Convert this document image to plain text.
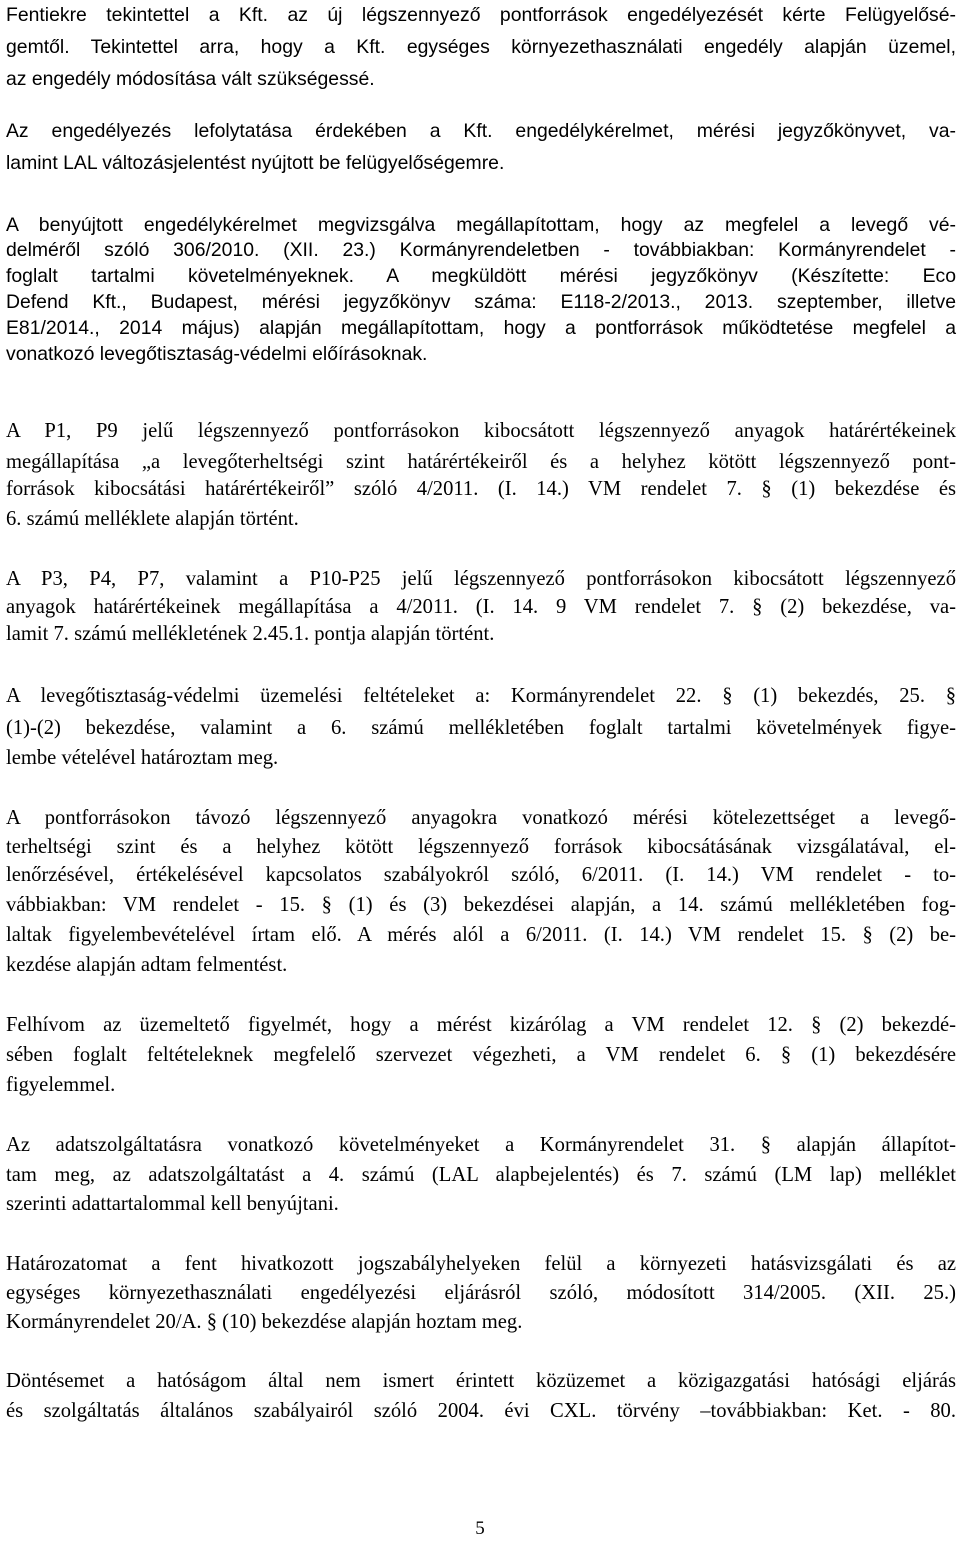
Fentiekre tekintettel a Kft. az új légszennyező pontforrások engedélyezését kérte Felügyelősé-
gemtől. Tekintettel arra, hogy a Kft. egységes környezethasználati engedély alapján üzemel,
az engedély módosítása vált szükségessé.
Az engedélyezés lefolytatása érdekében a Kft. engedélykérelmet, mérési jegyzőkönyvet, va-
lamint LAL változásjelentést nyújtott be felügyelőségemre.
A benyújtott engedélykérelmet megvizsgálva megállapítottam, hogy az megfelel a levegő vé-
delméről szóló 306/2010. (XII. 23.) Kormányrendeletben - továbbiakban: Kormányrendelet -
foglalt tartalmi követelményeknek. A megküldött mérési jegyzőkönyv (Készítette: Eco
Defend Kft., Budapest, mérési jegyzőkönyv száma: E118-2/2013., 2013. szeptember, illetve
E81/2014., 2014 május) alapján megállapítottam, hogy a pontforrások működtetése megfelel a
vonatkozó levegőtisztaság-védelmi előírásoknak.
A P1, P9 jelű légszennyező pontforrásokon kibocsátott légszennyező anyagok határértékeinek
megállapítása „a levegőterheltségi szint határértékeiről és a helyhez kötött légszennyező pont-
források kibocsátási határértékeiről” szóló 4/2011. (I. 14.) VM rendelet 7. § (1) bekezdése és
6. számú melléklete alapján történt.
A P3, P4, P7, valamint a P10-P25 jelű légszennyező pontforrásokon kibocsátott légszennyező
anyagok határértékeinek megállapítása a 4/2011. (I. 14. 9 VM rendelet 7. § (2) bekezdése, va-
lamit 7. számú mellékletének 2.45.1. pontja alapján történt.
A levegőtisztaság-védelmi üzemelési feltételeket a: Kormányrendelet 22. § (1) bekezdés, 25. §
(1)-(2) bekezdése, valamint a 6. számú mellékletében foglalt tartalmi követelmények figye-
lembe vételével határoztam meg.
A pontforrásokon távozó légszennyező anyagokra vonatkozó mérési kötelezettséget a levegő-
terheltségi szint és a helyhez kötött légszennyező források kibocsátásának vizsgálatával, el-
lenőrzésével, értékelésével kapcsolatos szabályokról szóló, 6/2011. (I. 14.) VM rendelet - to-
vábbiakban: VM rendelet - 15. § (1) és (3) bekezdései alapján, a 14. számú mellékletében fog-
laltak figyelembevételével írtam elő. A mérés alól a 6/2011. (I. 14.) VM rendelet 15. § (2) be-
kezdése alapján adtam felmentést.
Felhívom az üzemeltető figyelmét, hogy a mérést kizárólag a VM rendelet 12. § (2) bekezdé-
sében foglalt feltételeknek megfelelő szervezet végezheti, a VM rendelet 6. § (1) bekezdésére
figyelemmel.
Az adatszolgáltatásra vonatkozó követelményeket a Kormányrendelet 31. § alapján állapítot-
tam meg, az adatszolgáltatást a 4. számú (LAL alapbejelentés) és 7. számú (LM lap) melléklet
szerinti adattartalommal kell benyújtani.
Határozatomat a fent hivatkozott jogszabályhelyeken felül a környezeti hatásvizsgálati és az
egységes környezethasználati engedélyezési eljárásról szóló, módosított 314/2005. (XII. 25.)
Kormányrendelet 20/A. § (10) bekezdése alapján hoztam meg.
Döntésemet a hatóságom által nem ismert érintett közüzemet a közigazgatási hatósági eljárás
és szolgáltatás általános szabályairól szóló 2004. évi CXL. törvény –továbbiakban: Ket. - 80.
5
